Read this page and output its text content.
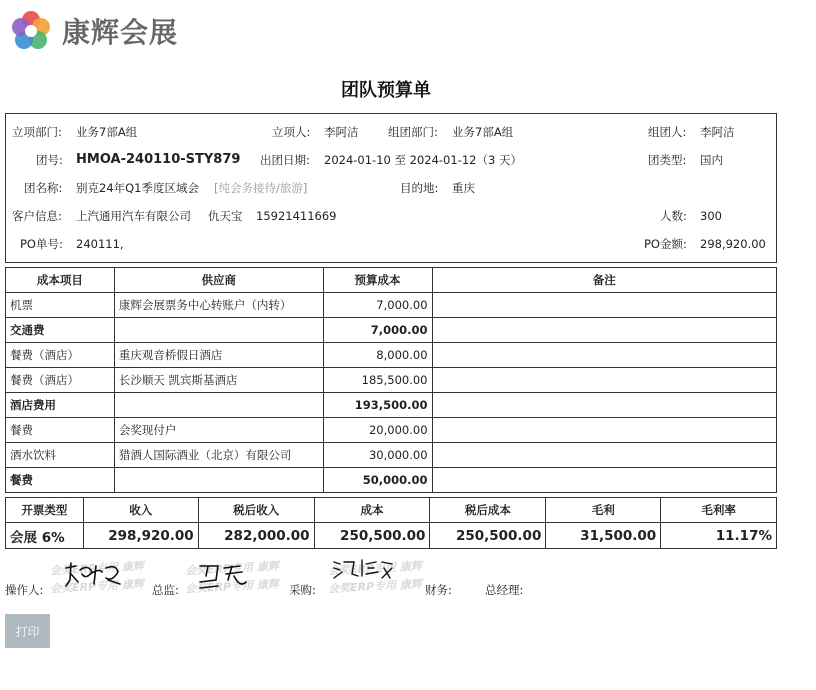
康辉会展
团队预算单
立项部门: 业务7部A组	立项人: 李阿洁	组团部门: 业务7部A组	组团人: 李阿洁
团号: HMOA-240110-STY879 出团日期: 2024-01-10 至 2024-01-12（3 天）	团类型: 国内
团名称: 别克24年Q1季度区域会 [纯会务接待/旅游]	目的地: 重庆
客户信息: 上汽通用汽车有限公司 仇天宝 15921411669	人数: 300
PO单号: 240111,	PO金额: 298,920.00
成本项目	供应商	预算成本	备注
机票	康辉会展票务中心转账户（内转）	7,000.00	
交通费		7,000.00	
餐费（酒店）	重庆观音桥假日酒店	8,000.00	
餐费（酒店）	长沙顺天 凯宾斯基酒店	185,500.00	
酒店费用		193,500.00	
餐费	会奖现付户	20,000.00	
酒水饮料	猎酒人国际酒业（北京）有限公司	30,000.00	
餐费		50,000.00	
开票类型	收入	税后收入	成本	税后成本	毛利	毛利率
会展 6%	298,920.00	282,000.00	250,500.00	250,500.00	31,500.00	11.17%
会奖ERP专用 康辉
会奖ERP专用 康辉
会奖ERP专用 康辉
会奖ERP专用 康辉
会奖ERP专用 康辉
会奖ERP专用 康辉
操作人:	总监:	采购:	财务:	总经理:
打印
